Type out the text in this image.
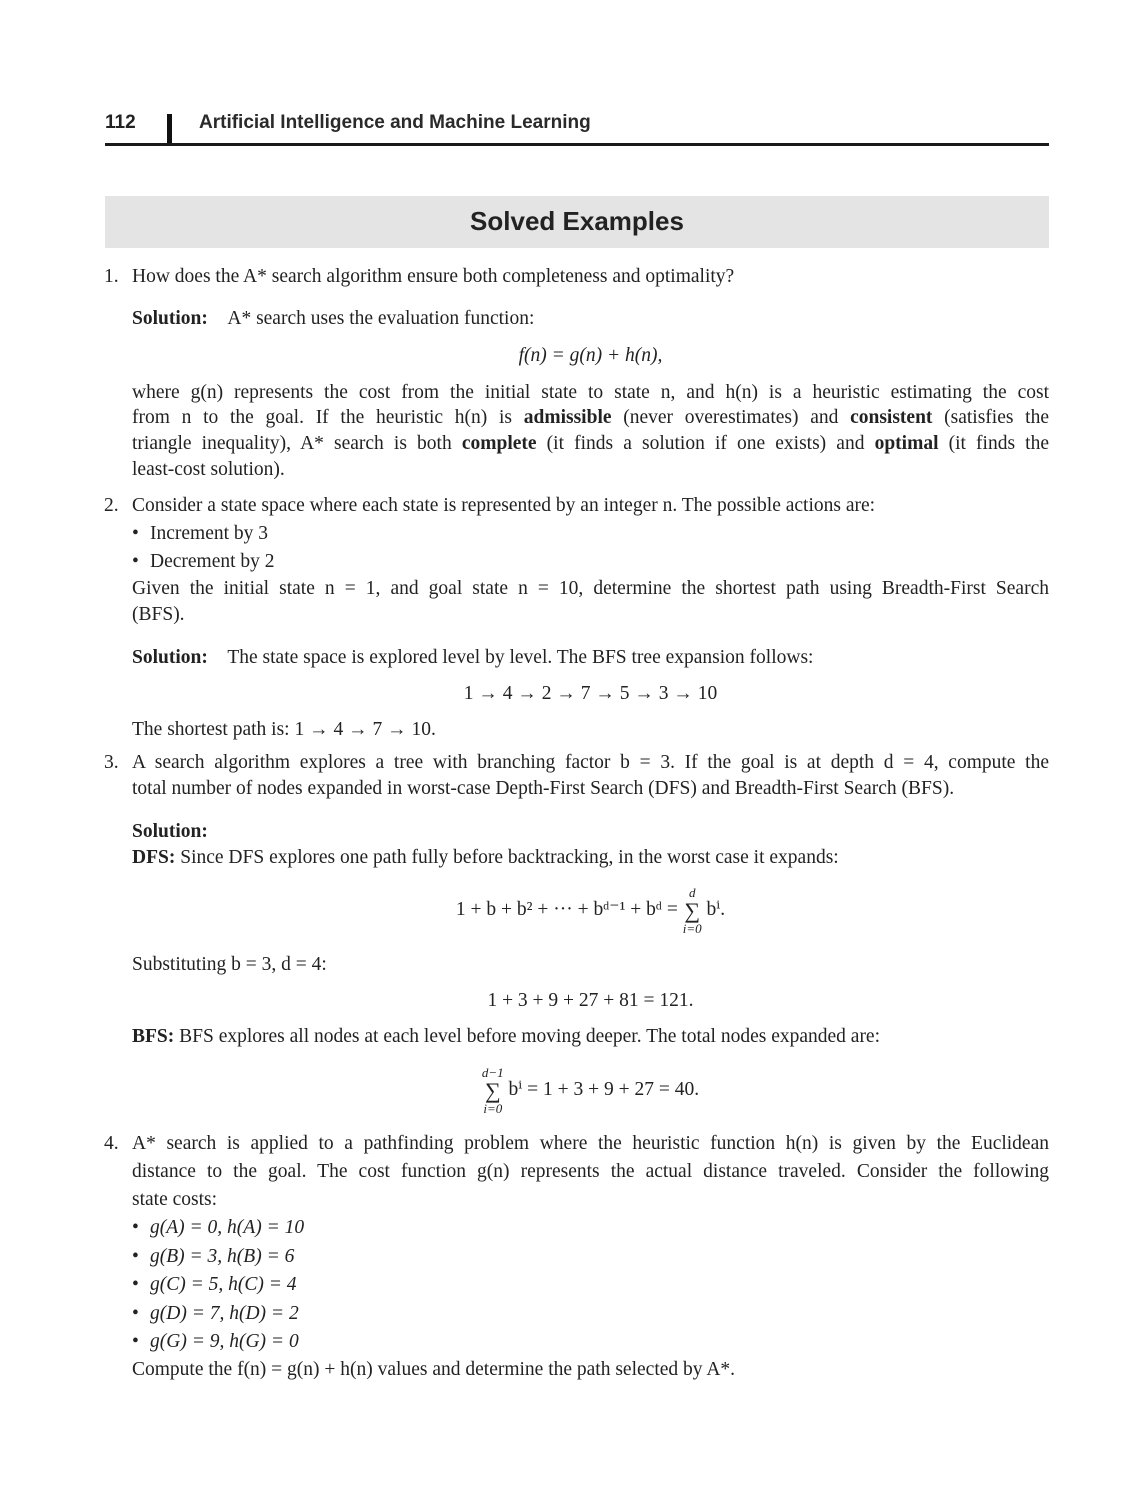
112	Artificial Intelligence and Machine Learning
Solved Examples
1. How does the A* search algorithm ensure both completeness and optimality?
Solution: A* search uses the evaluation function:
f(n) = g(n) + h(n),
where g(n) represents the cost from the initial state to state n, and h(n) is a heuristic estimating the cost
from n to the goal. If the heuristic h(n) is admissible (never overestimates) and consistent (satisfies the
triangle inequality), A* search is both complete (it finds a solution if one exists) and optimal (it finds the
least-cost solution).
2. Consider a state space where each state is represented by an integer n. The possible actions are:
• Increment by 3
• Decrement by 2
Given the initial state n = 1, and goal state n = 10, determine the shortest path using Breadth-First Search
(BFS).
Solution: The state space is explored level by level. The BFS tree expansion follows:
1 → 4 → 2 → 7 → 5 → 3 → 10
The shortest path is: 1 → 4 → 7 → 10.
3. A search algorithm explores a tree with branching factor b = 3. If the goal is at depth d = 4, compute the
total number of nodes expanded in worst-case Depth-First Search (DFS) and Breadth-First Search (BFS).
Solution:
DFS: Since DFS explores one path fully before backtracking, in the worst case it expands:
1 + b + b² + ··· + bᵈ⁻¹ + bᵈ =
d
∑
i=0
bⁱ.
Substituting b = 3, d = 4:
1 + 3 + 9 + 27 + 81 = 121.
BFS: BFS explores all nodes at each level before moving deeper. The total nodes expanded are:
d−1
∑
i=0
bⁱ = 1 + 3 + 9 + 27 = 40.
4. A* search is applied to a pathfinding problem where the heuristic function h(n) is given by the Euclidean
distance to the goal. The cost function g(n) represents the actual distance traveled. Consider the following
state costs:
• g(A) = 0, h(A) = 10
• g(B) = 3, h(B) = 6
• g(C) = 5, h(C) = 4
• g(D) = 7, h(D) = 2
• g(G) = 9, h(G) = 0
Compute the f(n) = g(n) + h(n) values and determine the path selected by A*.
